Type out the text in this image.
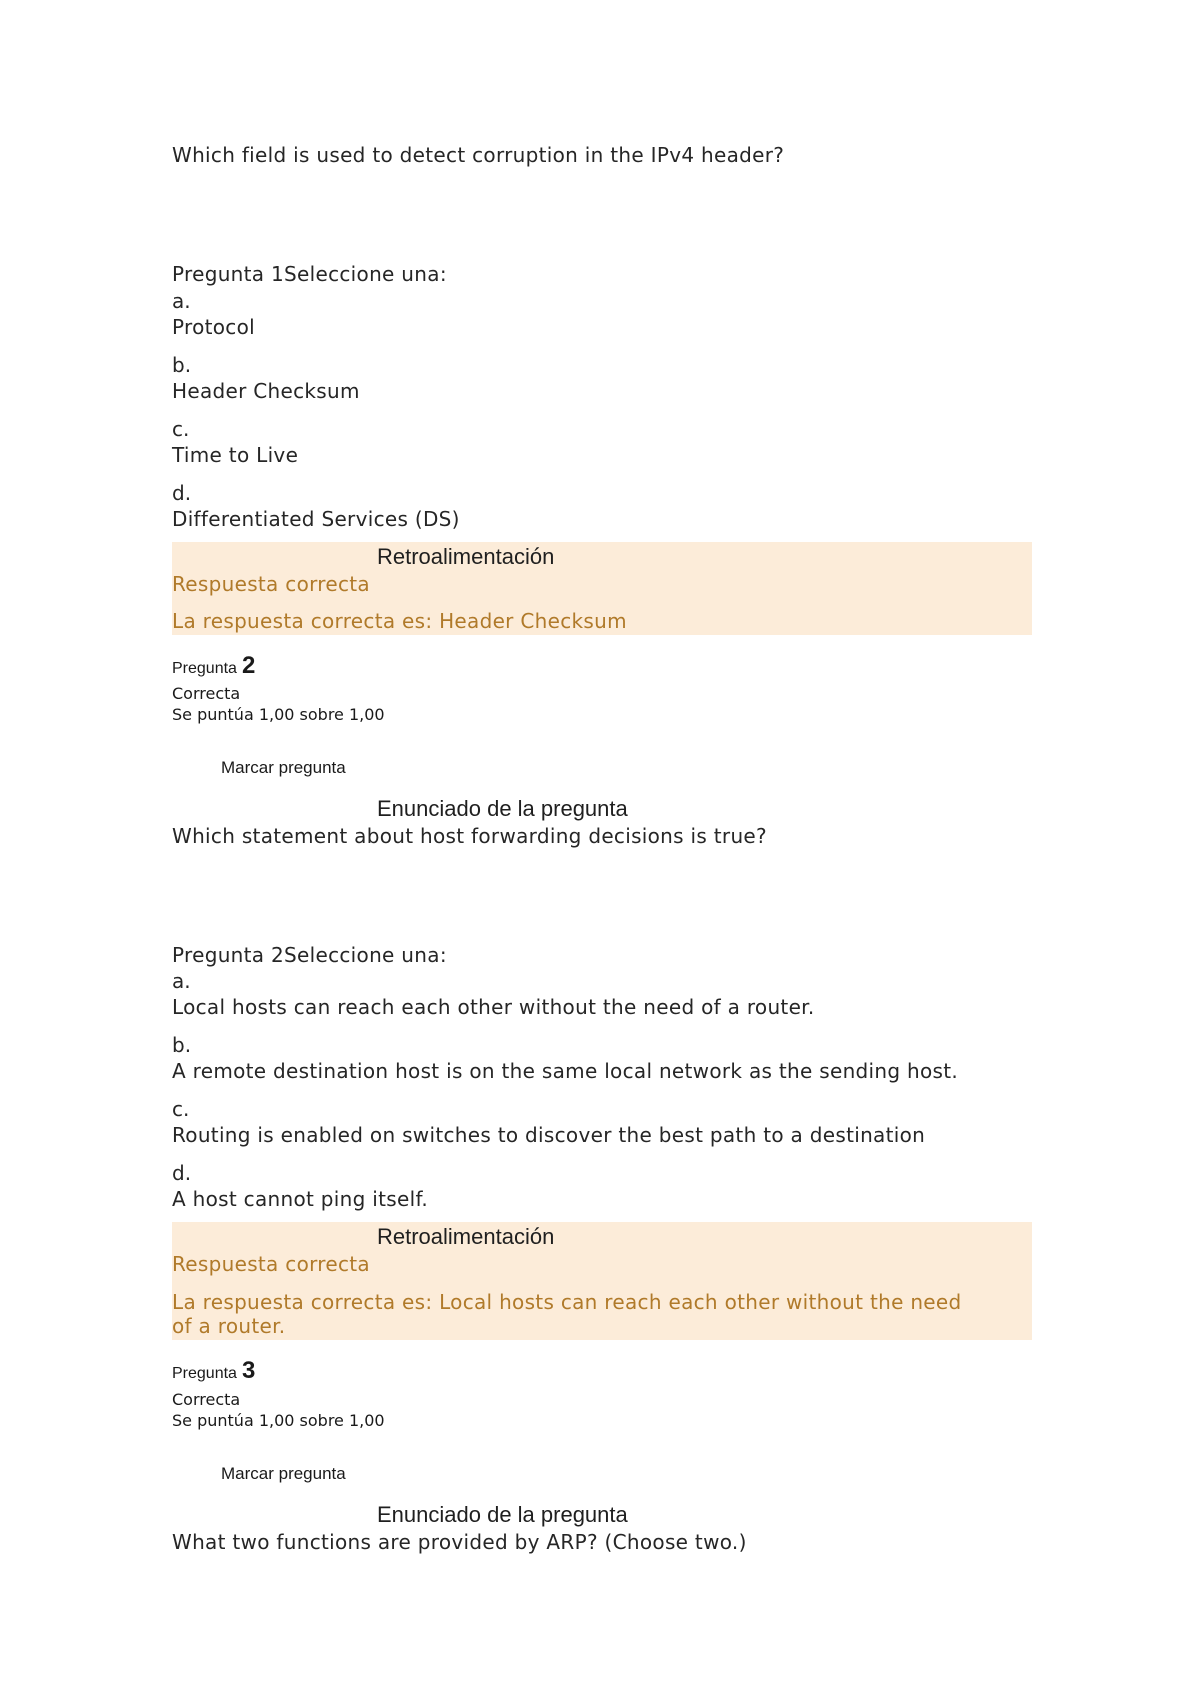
Which field is used to detect corruption in the IPv4 header?
Pregunta 1Seleccione una:
a.
Protocol
b.
Header Checksum
c.
Time to Live
d.
Differentiated Services (DS)
Retroalimentación
Respuesta correcta
La respuesta correcta es: Header Checksum
Pregunta 2
Correcta
Se puntúa 1,00 sobre 1,00
Marcar pregunta
Enunciado de la pregunta
Which statement about host forwarding decisions is true?
Pregunta 2Seleccione una:
a.
Local hosts can reach each other without the need of a router.
b.
A remote destination host is on the same local network as the sending host.
c.
Routing is enabled on switches to discover the best path to a destination
d.
A host cannot ping itself.
Retroalimentación
Respuesta correcta
La respuesta correcta es: Local hosts can reach each other without the need
of a router.
Pregunta 3
Correcta
Se puntúa 1,00 sobre 1,00
Marcar pregunta
Enunciado de la pregunta
What two functions are provided by ARP? (Choose two.)
